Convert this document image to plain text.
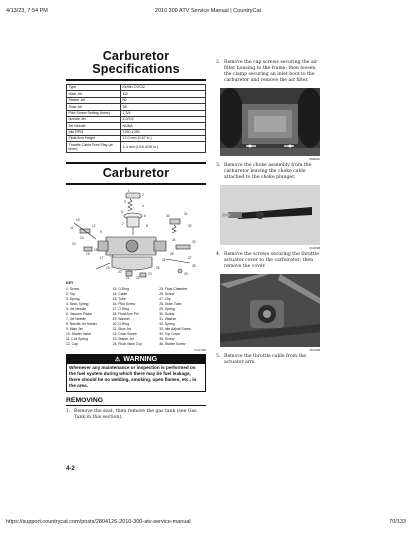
4/13/23, 7:54 PM	2010 300 ATV Service Manual | CountryCat
Carburetor
Specifications
Type	Keihin CVK32
Main Jet	112
Starter Jet	80
Slow Jet	38
Pilot Screw Setting (turns)	1 3/4
Needle Jet	4.0/3.6
Jet Needle	NUNA
Idle RPM	1250-1350
Float Arm Height	17.0 mm (0.67 in.)
Throttle Cable Free Play (at lever)	1-4 mm (1/16-3/16 in.)
Carburetor
1
2
3
4
5
6
7	8
9
10
11	12
13
14
15
16
17 18
19
20
21 22
23
24
25
26
27
28
29
30	31
32
33
34
KEY
1. Screw
2. Top
3. Spring
4. Seat, Spring
5. Jet Needle
6. Vacuum Piston
7. Jet Needle
8. Needle Jet Holder
9. Main Jet
10. Starter Valve
11. Coil Spring
12. Cap
13. O-Ring
14. Cable
15. Tube
16. Pilot Screw
17. O-Ring
18. Float Arm Pin
19. Washer
20. O-Ring
21. Slow Jet
22. Drain Screw
23. Starter Jet
24. Float Valve Clip
25. Float Chamber
26. Screw
27. Clip
28. Drain Tube
29. Spring
30. Screw
31. Washer
32. Spring
33. Idle Adjust Screw
34. Top Cover
35. Screw
36. Starter Screw
0742-009
⚠ WARNING
Whenever any maintenance or inspection is performed on the fuel system during which there may be fuel leakage, there should be no welding, smoking, open flames, etc., in the area.
REMOVING
1. Remove the seat; then remove the gas tank (see Gas Tank in this section).
4-2
2. Remove the cap screws securing the air filter housing to the frame; then loosen the clamp securing an inlet boot to the carburetor and remove the air filter.
KM020A
3. Remove the choke assembly from the carburetor leaving the choke cable attached to the choke plunger.
KC001B
4. Remove the screws securing the throttle actuator cover to the carburetor; then remove the cover.
PR134B
5. Remove the throttle cable from the actuator arm.
https://support.countrycat.com/posts/2804126-2010-300-atv-service-manual	70/133
